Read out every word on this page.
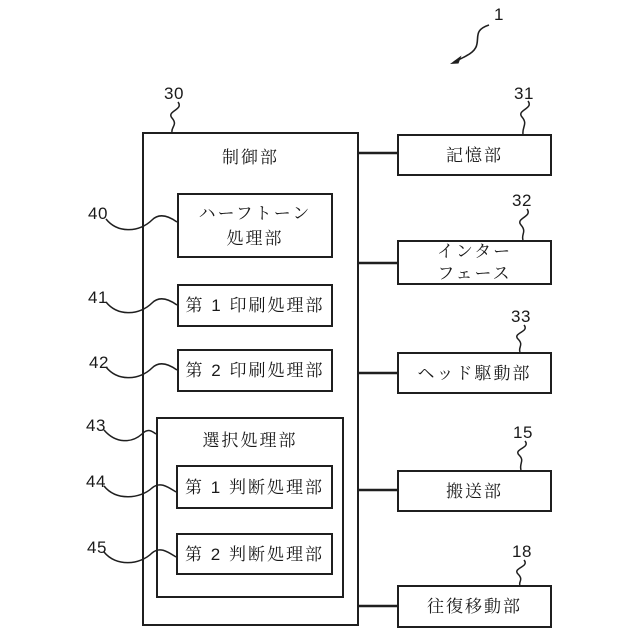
制御部
ハーフトーン
処理部
第 1 印刷処理部
第 2 印刷処理部
選択処理部
第 1 判断処理部
第 2 判断処理部
記憶部
インター
フェース
ヘッド駆動部
搬送部
往復移動部
1
30	31
32
33
15
18
40
41
42
43
44
45
